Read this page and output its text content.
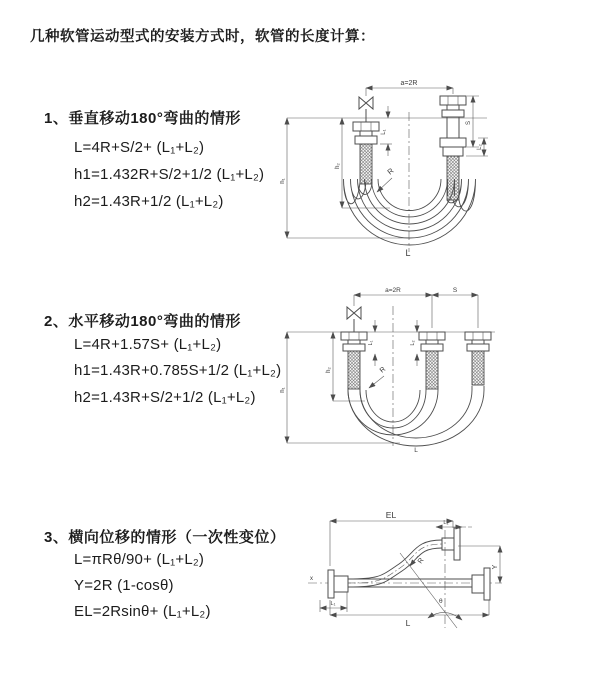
几种软管运动型式的安装方式时，软管的长度计算：
1、垂直移动180°弯曲的情形
L=4R+S/2+ (L₁+L₂)
h1=1.432R+S/2+1/2 (L₁+L₂)
h2=1.43R+1/2 (L₁+L₂)
2、水平移动180°弯曲的情形
L=4R+1.57S+ (L₁+L₂)
h1=1.43R+0.785S+1/2 (L₁+L₂)
h2=1.43R+S/2+1/2 (L₁+L₂)
3、横向位移的情形（一次性变位）
L=πRθ/90+ (L₁+L₂)
Y=2R (1-cosθ)
EL=2Rsinθ+ (L₁+L₂)
a=2R
L₁
S
L₂
h₂
h₁
R
L
a=2R	S
L₁	L₂
h₁
h₂	R
L
x
EL
L₂
Y
θ
R
L
L₁
